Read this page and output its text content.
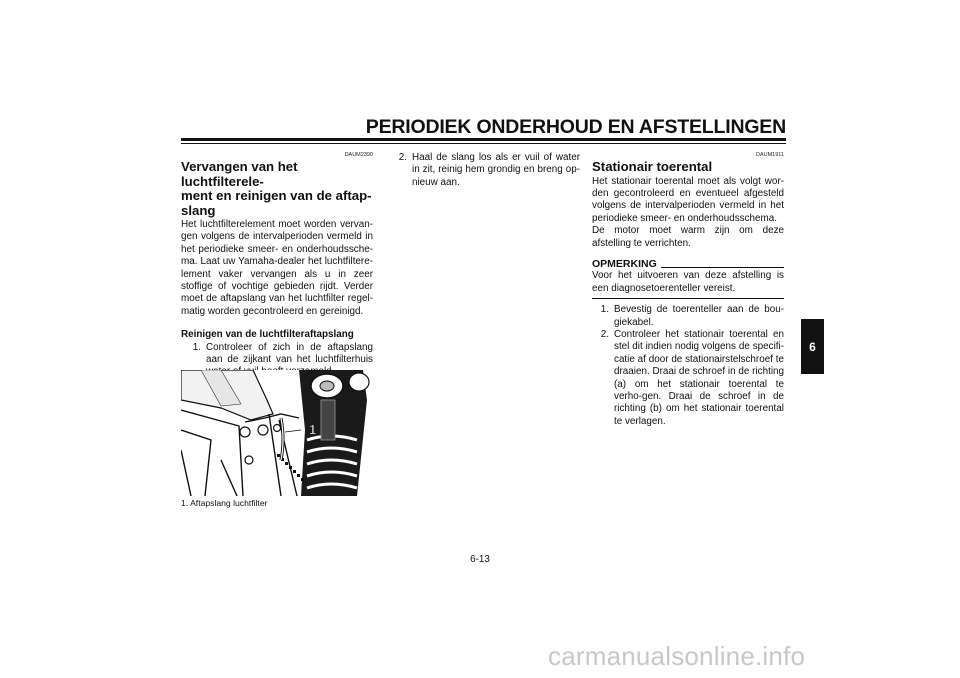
PERIODIEK ONDERHOUD EN AFSTELLINGEN
DAUM2390
Vervangen van het luchtfilterele-
ment en reinigen van de aftap-
slang

Het luchtfilterelement moet worden vervan-gen volgens de intervalperioden vermeld in het periodieke smeer- en onderhoudssche-ma. Laat uw Yamaha-dealer het luchtfiltere-lement vaker vervangen als u in zeer stoffige of vochtige gebieden rijdt. Verder moet de aftapslang van het luchtfilter regel-matig worden gecontroleerd en gereinigd.

Reinigen van de luchtfilteraftapslang
1. Controleer of zich in de aftapslang aan de zijkant van het luchtfilterhuis
1
1. Aftapslang luchtfilter
2. Haal de slang los als er vuil of water in zit, reinig hem grondig en breng op-nieuw aan.
DAUM1911
Stationair toerental

Het stationair toerental moet als volgt wor-den gecontroleerd en eventueel afgesteld volgens de intervalperioden vermeld in het periodieke smeer- en onderhoudsschema.

De motor moet warm zijn om deze afstelling te verrichten.

OPMERKING

Voor het uitvoeren van deze afstelling is een diagnosetoerenteller vereist.

1. Bevestig de toerenteller aan de bou-giekabel.
2. Controleer het stationair toerental en stel dit indien nodig volgens de specifi-catie af door de stationairstelschroef te draaien. Draai de schroef in de richting (a) om het stationair toerental te verho-gen. Draai de schroef in de richting (b) om het stationair toerental te verlagen.
6
6-13
carmanualsonline.info
